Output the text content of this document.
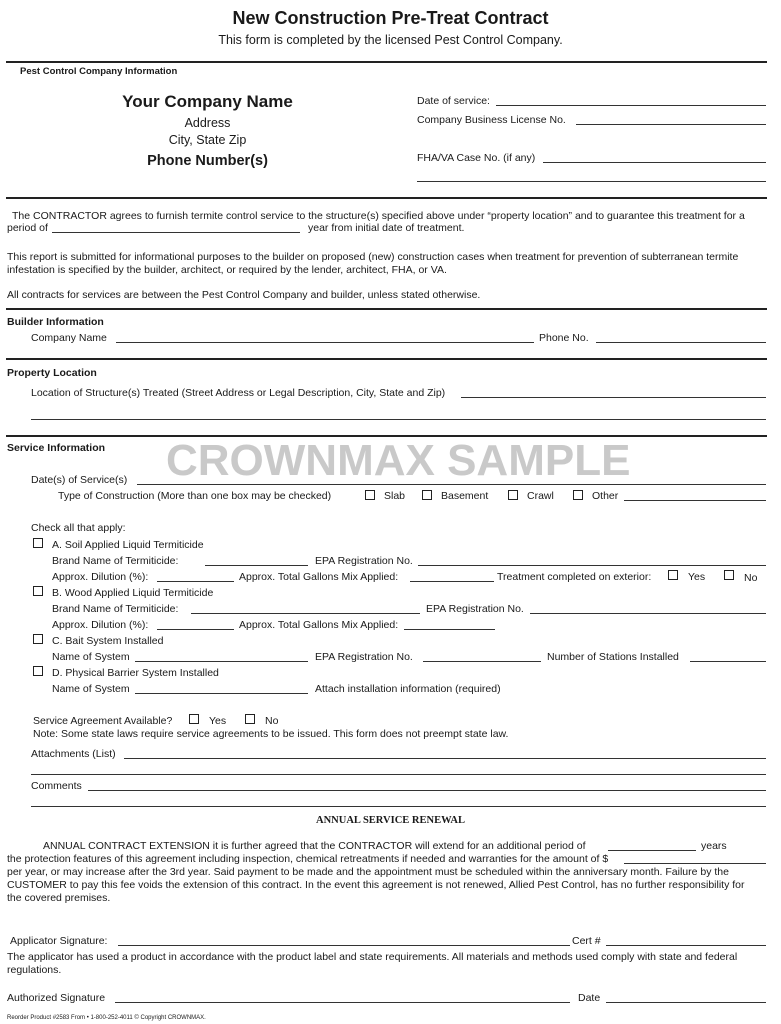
New Construction Pre-Treat Contract
This form is completed by the licensed Pest Control Company.
Pest Control Company Information
Your Company Name
Address
City, State Zip
Phone Number(s)
Date of service:
Company Business License No.
FHA/VA Case No. (if any)
The CONTRACTOR agrees to furnish termite control service to the structure(s) specified above under “property location” and to guarantee this treatment for a
period of	year from initial date of treatment.
This report is submitted for informational purposes to the builder on proposed (new) construction cases when treatment for prevention of subterranean termite
infestation is specified by the builder, architect, or required by the lender, architect, FHA, or VA.
All contracts for services are between the Pest Control Company and builder, unless stated otherwise.
Builder Information
Company Name	Phone No.
Property Location
Location of Structure(s) Treated (Street Address or Legal Description, City, State and Zip)
Service Information CROWNMAX SAMPLE
Date(s) of Service(s)
Type of Construction (More than one box may be checked)	Slab	Basement	Crawl	Other
Check all that apply:
A. Soil Applied Liquid Termiticide
Brand Name of Termiticide:	EPA Registration No.
Approx. Dilution (%):	Approx. Total Gallons Mix Applied:	Treatment completed on exterior:	Yes	No
B. Wood Applied Liquid Termiticide
Brand Name of Termiticide:	EPA Registration No.
Approx. Dilution (%):	Approx. Total Gallons Mix Applied:
C. Bait System Installed
Name of System	EPA Registration No.	Number of Stations Installed
D. Physical Barrier System Installed
Name of System	Attach installation information (required)
Service Agreement Available?	Yes	No
Note: Some state laws require service agreements to be issued. This form does not preempt state law.
Attachments (List)
Comments
ANNUAL SERVICE RENEWAL
ANNUAL CONTRACT EXTENSION it is further agreed that the CONTRACTOR will extend for an additional period of	years
the protection features of this agreement including inspection, chemical retreatments if needed and warranties for the amount of $
per year, or may increase after the 3rd year. Said payment to be made and the appointment must be scheduled within the anniversary month. Failure by the
CUSTOMER to pay this fee voids the extension of this contract. In the event this agreement is not renewed, Allied Pest Control, has no further responsibility for
the covered premises.
Applicator Signature:	Cert #
The applicator has used a product in accordance with the product label and state requirements. All materials and methods used comply with state and federal
regulations.
Authorized Signature	Date
Reorder Product #2583 From • 1-800-252-4011 © Copyright CROWNMAX.
